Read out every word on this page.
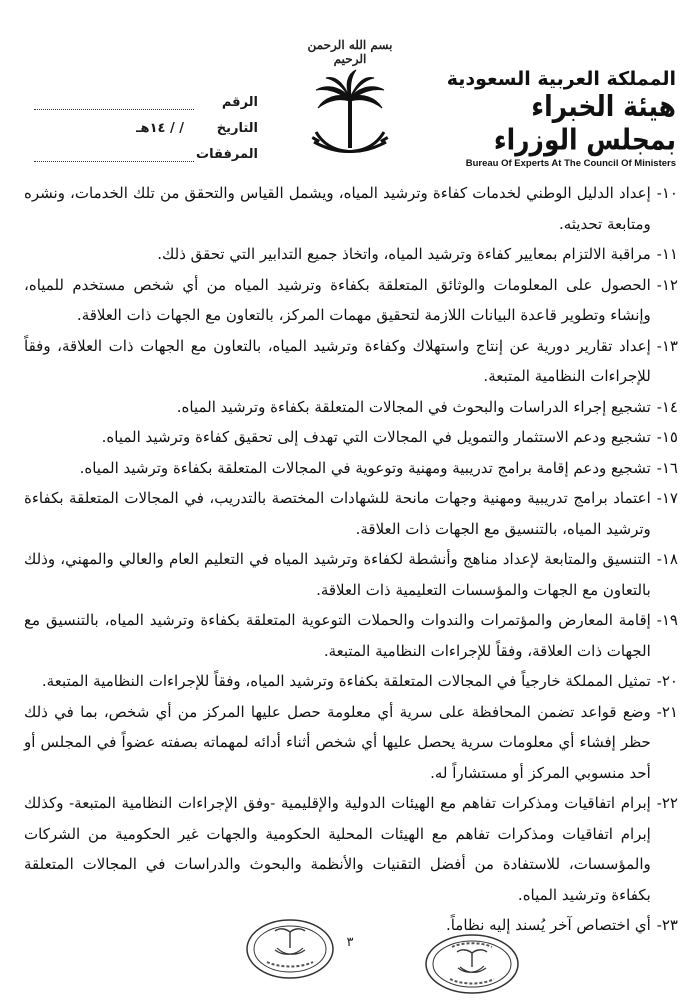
المملكة العربية السعودية
هيئة الخبراء بمجلس الوزراء
Bureau Of Experts At The Council Of Ministers
بسم الله الرحمن الرحيم
الرقم
التاريخ
/ / ١٤هـ
المرفقات
١٠-
إعداد الدليل الوطني لخدمات كفاءة وترشيد المياه، ويشمل القياس والتحقق من تلك الخدمات، ونشره ومتابعة تحديثه.
١١-
مراقبة الالتزام بمعايير كفاءة وترشيد المياه، واتخاذ جميع التدابير التي تحقق ذلك.
١٢-
الحصول على المعلومات والوثائق المتعلقة بكفاءة وترشيد المياه من أي شخص مستخدم للمياه، وإنشاء وتطوير قاعدة البيانات اللازمة لتحقيق مهمات المركز، بالتعاون مع الجهات ذات العلاقة.
١٣-
إعداد تقارير دورية عن إنتاج واستهلاك وكفاءة وترشيد المياه، بالتعاون مع الجهات ذات العلاقة، وفقاً للإجراءات النظامية المتبعة.
١٤-
تشجيع إجراء الدراسات والبحوث في المجالات المتعلقة بكفاءة وترشيد المياه.
١٥-
تشجيع ودعم الاستثمار والتمويل في المجالات التي تهدف إلى تحقيق كفاءة وترشيد المياه.
١٦-
تشجيع ودعم إقامة برامج تدريبية ومهنية وتوعوية في المجالات المتعلقة بكفاءة وترشيد المياه.
١٧-
اعتماد برامج تدريبية ومهنية وجهات مانحة للشهادات المختصة بالتدريب، في المجالات المتعلقة بكفاءة وترشيد المياه، بالتنسيق مع الجهات ذات العلاقة.
١٨-
التنسيق والمتابعة لإعداد مناهج وأنشطة لكفاءة وترشيد المياه في التعليم العام والعالي والمهني، وذلك بالتعاون مع الجهات والمؤسسات التعليمية ذات العلاقة.
١٩-
إقامة المعارض والمؤتمرات والندوات والحملات التوعوية المتعلقة بكفاءة وترشيد المياه، بالتنسيق مع الجهات ذات العلاقة، وفقاً للإجراءات النظامية المتبعة.
٢٠-
تمثيل المملكة خارجياً في المجالات المتعلقة بكفاءة وترشيد المياه، وفقاً للإجراءات النظامية المتبعة.
٢١-
وضع قواعد تضمن المحافظة على سرية أي معلومة حصل عليها المركز من أي شخص، بما في ذلك حظر إفشاء أي معلومات سرية يحصل عليها أي شخص أثناء أدائه لمهماته بصفته عضواً في المجلس أو أحد منسوبي المركز أو مستشاراً له.
٢٢-
إبرام اتفاقيات ومذكرات تفاهم مع الهيئات الدولية والإقليمية -وفق الإجراءات النظامية المتبعة- وكذلك إبرام اتفاقيات ومذكرات تفاهم مع الهيئات المحلية الحكومية والجهات غير الحكومية من الشركات والمؤسسات، للاستفادة من أفضل التقنيات والأنظمة والبحوث والدراسات في المجالات المتعلقة بكفاءة وترشيد المياه.
٢٣-
أي اختصاص آخر يُسند إليه نظاماً.
٣
